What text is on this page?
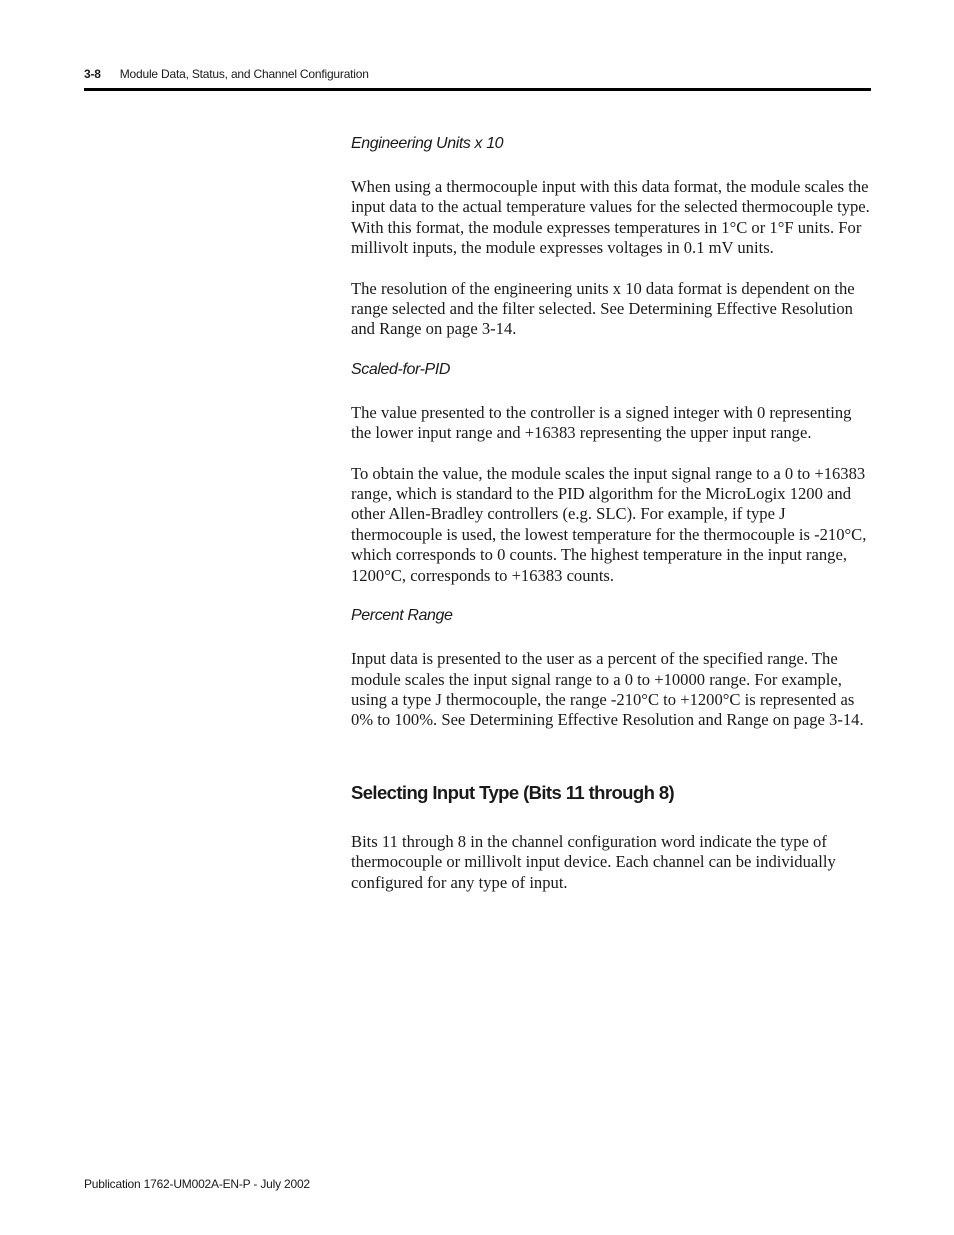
3-8 Module Data, Status, and Channel Configuration

Engineering Units x 10

When using a thermocouple input with this data format, the module scales the input data to the actual temperature values for the selected thermocouple type. With this format, the module expresses temperatures in 1°C or 1°F units. For millivolt inputs, the module expresses voltages in 0.1 mV units.

The resolution of the engineering units x 10 data format is dependent on the range selected and the filter selected. See Determining Effective Resolution and Range on page 3-14.

Scaled-for-PID

The value presented to the controller is a signed integer with 0 representing the lower input range and +16383 representing the upper input range.

To obtain the value, the module scales the input signal range to a 0 to +16383 range, which is standard to the PID algorithm for the MicroLogix 1200 and other Allen-Bradley controllers (e.g. SLC). For example, if type J thermocouple is used, the lowest temperature for the thermocouple is -210°C, which corresponds to 0 counts. The highest temperature in the input range, 1200°C, corresponds to +16383 counts.

Percent Range

Input data is presented to the user as a percent of the specified range. The module scales the input signal range to a 0 to +10000 range. For example, using a type J thermocouple, the range -210°C to +1200°C is represented as 0% to 100%. See Determining Effective Resolution and Range on page 3-14.

Selecting Input Type (Bits 11 through 8)

Bits 11 through 8 in the channel configuration word indicate the type of thermocouple or millivolt input device. Each channel can be individually configured for any type of input.

Publication 1762-UM002A-EN-P - July 2002
